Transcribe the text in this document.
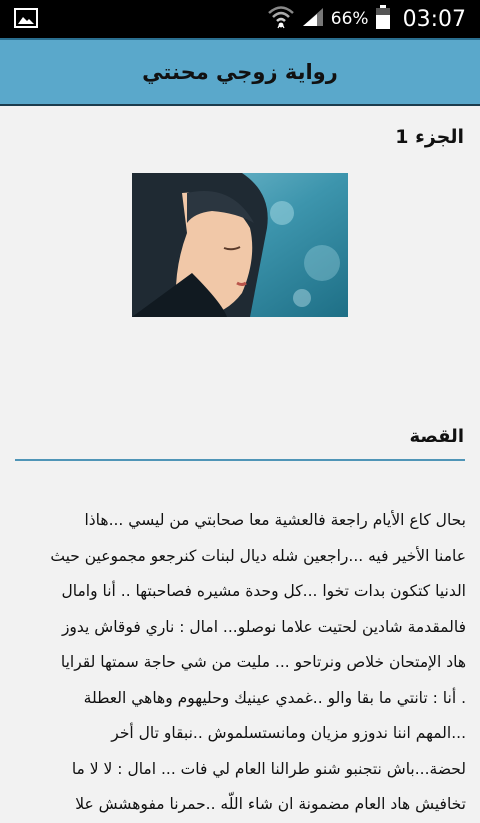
66% 03:07
رواية زوجي محنتي
الجزء 1
القصة

بحال كاع الأيام راجعة فالعشية معا صحابتي من ليسي ...هاذا

عامنا الأخير فيه ...راجعين شله ديال لبنات كنرجعو مجموعين حيث

الدنيا كتكون بدات تخوا ...كل وحدة مشيره فصاحبتها .. أنا وامال

فالمقدمة شادين لحتيت علاما نوصلو... امال : ناري فوقاش يدوز

هاد الإمتحان خلاص ونرتاحو ... مليت من شي حاجة سمتها لقرايا

. أنا : تانتي ما بقا والو ..غمدي عينيك وحليهوم وهاهي العطلة

...المهم اننا ندوزو مزيان ومانستسلموش ..نبقاو تال أخر

لحضة...باش نتجنبو شنو طرالنا العام لي فات ... امال : لا لا ما

تخافيش هاد العام مضمونة ان شاء اللّه ..حمرنا مفوهشش علا
